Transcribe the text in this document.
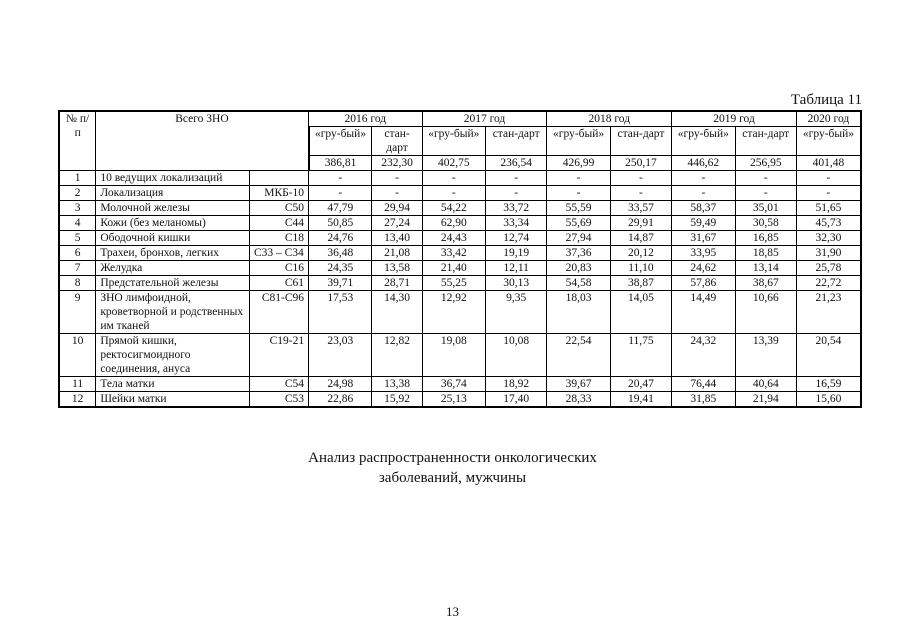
Таблица 11
№ п/п	Всего ЗНО		2016 год		2017 год		2018 год		2019 год		2020 год
			«гру-бый»	стан-дарт	«гру-бый»	стан-дарт	«гру-бый»	стан-дарт	«гру-бый»	стан-дарт	«гру-бый»
			386,81	232,30	402,75	236,54	426,99	250,17	446,62	256,95	401,48
1	10 ведущих локализаций		-	-	-	-	-	-	-	-	-
2	Локализация	МКБ-10	-	-	-	-	-	-	-	-	-
3	Молочной железы	С50	47,79	29,94	54,22	33,72	55,59	33,57	58,37	35,01	51,65
4	Кожи (без меланомы)	С44	50,85	27,24	62,90	33,34	55,69	29,91	59,49	30,58	45,73
5	Ободочной кишки	С18	24,76	13,40	24,43	12,74	27,94	14,87	31,67	16,85	32,30
6	Трахеи, бронхов, легких	С33 – С34	36,48	21,08	33,42	19,19	37,36	20,12	33,95	18,85	31,90
7	Желудка	С16	24,35	13,58	21,40	12,11	20,83	11,10	24,62	13,14	25,78
8	Предстательной железы	С61	39,71	28,71	55,25	30,13	54,58	38,87	57,86	38,67	22,72
9	ЗНО лимфоидной, кроветворной и родственных им тканей	С81-С96	17,53	14,30	12,92	9,35	18,03	14,05	14,49	10,66	21,23
10	Прямой кишки, ректосигмоидного соединения, ануса	С19-21	23,03	12,82	19,08	10,08	22,54	11,75	24,32	13,39	20,54
11	Тела матки	С54	24,98	13,38	36,74	18,92	39,67	20,47	76,44	40,64	16,59
12	Шейки матки	С53	22,86	15,92	25,13	17,40	28,33	19,41	31,85	21,94	15,60
Анализ распространенности онкологических
заболеваний, мужчины
13
